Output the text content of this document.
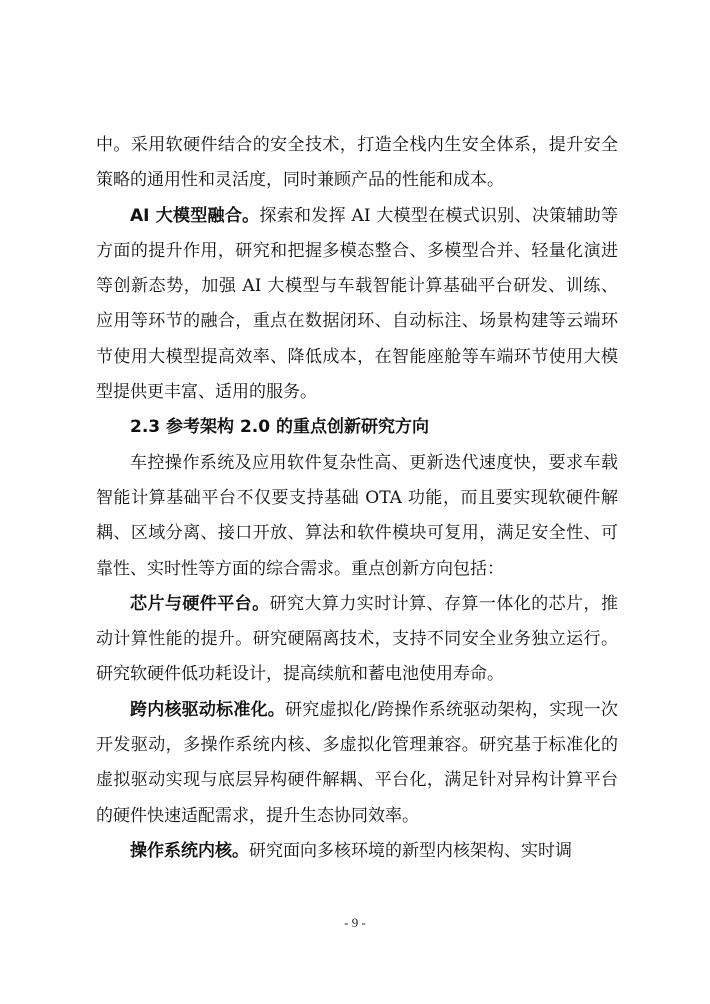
中。采用软硬件结合的安全技术，打造全栈内生安全体系，提升安全策略的通用性和灵活度，同时兼顾产品的性能和成本。

AI 大模型融合。探索和发挥 AI 大模型在模式识别、决策辅助等方面的提升作用，研究和把握多模态整合、多模型合并、轻量化演进等创新态势，加强 AI 大模型与车载智能计算基础平台研发、训练、应用等环节的融合，重点在数据闭环、自动标注、场景构建等云端环节使用大模型提高效率、降低成本，在智能座舱等车端环节使用大模型提供更丰富、适用的服务。

2.3 参考架构 2.0 的重点创新研究方向

车控操作系统及应用软件复杂性高、更新迭代速度快，要求车载智能计算基础平台不仅要支持基础 OTA 功能，而且要实现软硬件解耦、区域分离、接口开放、算法和软件模块可复用，满足安全性、可靠性、实时性等方面的综合需求。重点创新方向包括：

芯片与硬件平台。研究大算力实时计算、存算一体化的芯片，推动计算性能的提升。研究硬隔离技术，支持不同安全业务独立运行。研究软硬件低功耗设计，提高续航和蓄电池使用寿命。

跨内核驱动标准化。研究虚拟化/跨操作系统驱动架构，实现一次开发驱动，多操作系统内核、多虚拟化管理兼容。研究基于标准化的虚拟驱动实现与底层异构硬件解耦、平台化，满足针对异构计算平台的硬件快速适配需求，提升生态协同效率。

操作系统内核。研究面向多核环境的新型内核架构、实时调

- 9 -
